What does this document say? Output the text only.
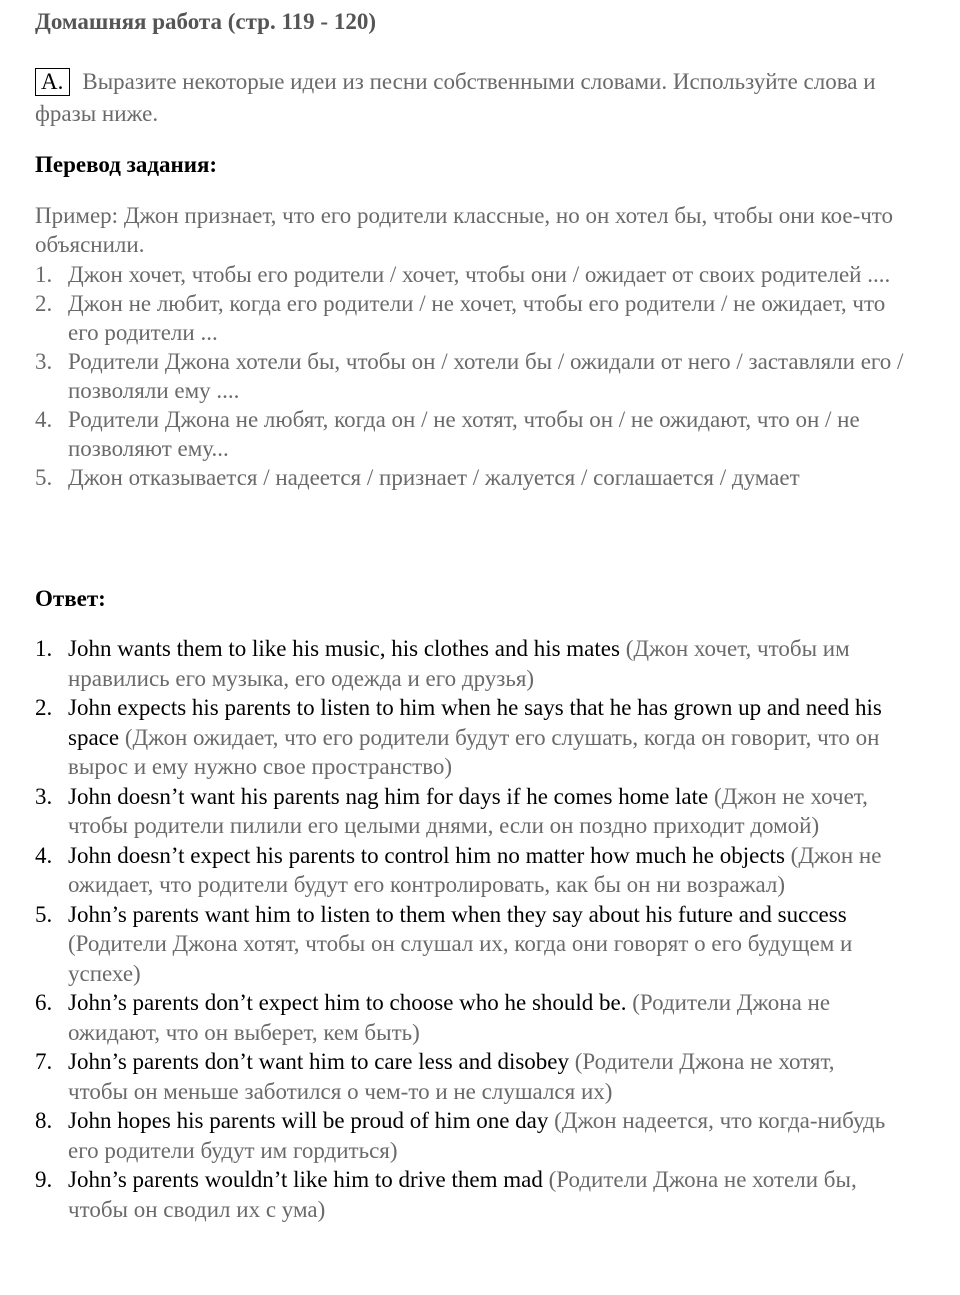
Домашняя работа (стр. 119 - 120)
A. Выразите некоторые идеи из песни собственными словами. Используйте слова и фразы ниже.
Перевод задания:
Пример: Джон признает, что его родители классные, но он хотел бы, чтобы они кое-что объяснили.
1. Джон хочет, чтобы его родители / хочет, чтобы они / ожидает от своих родителей ....
2. Джон не любит, когда его родители / не хочет, чтобы его родители / не ожидает, что его родители ...
3. Родители Джона хотели бы, чтобы он / хотели бы / ожидали от него / заставляли его / позволяли ему ....
4. Родители Джона не любят, когда он / не хотят, чтобы он / не ожидают, что он / не позволяют ему...
5. Джон отказывается / надеется / признает / жалуется / соглашается / думает
Ответ:
1. John wants them to like his music, his clothes and his mates (Джон хочет, чтобы им нравились его музыка, его одежда и его друзья)
2. John expects his parents to listen to him when he says that he has grown up and need his space (Джон ожидает, что его родители будут его слушать, когда он говорит, что он вырос и ему нужно свое пространство)
3. John doesn’t want his parents nag him for days if he comes home late (Джон не хочет, чтобы родители пилили его целыми днями, если он поздно приходит домой)
4. John doesn’t expect his parents to control him no matter how much he objects (Джон не ожидает, что родители будут его контролировать, как бы он ни возражал)
5. John’s parents want him to listen to them when they say about his future and success (Родители Джона хотят, чтобы он слушал их, когда они говорят о его будущем и успехе)
6. John’s parents don’t expect him to choose who he should be. (Родители Джона не ожидают, что он выберет, кем быть)
7. John’s parents don’t want him to care less and disobey (Родители Джона не хотят, чтобы он меньше заботился о чем-то и не слушался их)
8. John hopes his parents will be proud of him one day (Джон надеется, что когда-нибудь его родители будут им гордиться)
9. John’s parents wouldn’t like him to drive them mad (Родители Джона не хотели бы, чтобы он сводил их с ума)
